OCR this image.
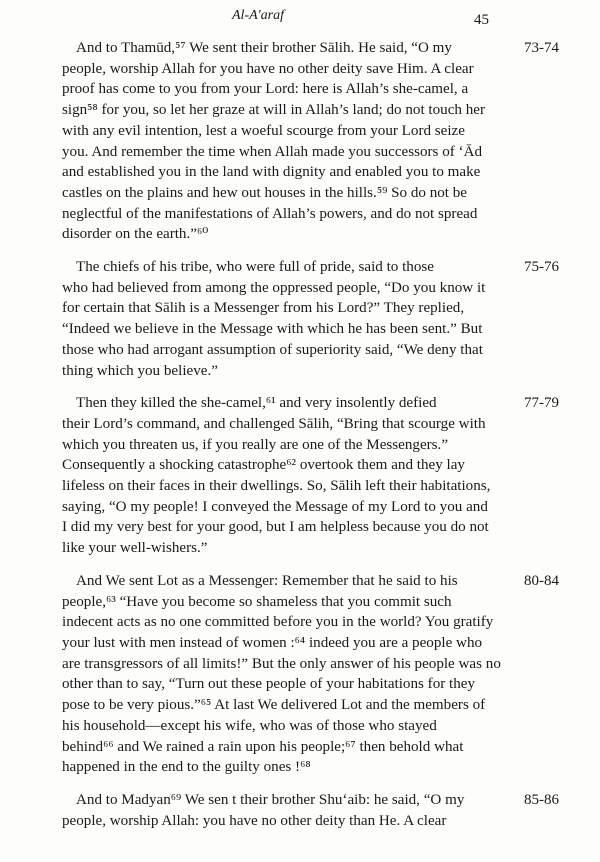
Al-A'araf	45
73-74
And to Thamūd,⁵⁷ We sent their brother Sālih. He said, “O my
people, worship Allah for you have no other deity save Him. A clear
proof has come to you from your Lord: here is Allah’s she-camel, a
sign⁵⁸ for you, so let her graze at will in Allah’s land; do not touch her
with any evil intention, lest a woeful scourge from your Lord seize
you. And remember the time when Allah made you successors of ‘Ād
and established you in the land with dignity and enabled you to make
castles on the plains and hew out houses in the hills.⁵⁹ So do not be
neglectful of the manifestations of Allah’s powers, and do not spread
disorder on the earth.”⁶⁰
75-76
The chiefs of his tribe, who were full of pride, said to those
who had believed from among the oppressed people, “Do you know it
for certain that Sālih is a Messenger from his Lord?” They replied,
“Indeed we believe in the Message with which he has been sent.” But
those who had arrogant assumption of superiority said, “We deny that
thing which you believe.”
77-79
Then they killed the she-camel,⁶¹ and very insolently defied
their Lord’s command, and challenged Sālih, “Bring that scourge with
which you threaten us, if you really are one of the Messengers.”
Consequently a shocking catastrophe⁶² overtook them and they lay
lifeless on their faces in their dwellings. So, Sālih left their habitations,
saying, “O my people! I conveyed the Message of my Lord to you and
I did my very best for your good, but I am helpless because you do not
like your well-wishers.”
80-84
And We sent Lot as a Messenger: Remember that he said to his
people,⁶³ “Have you become so shameless that you commit such
indecent acts as no one committed before you in the world? You gratify
your lust with men instead of women :⁶⁴ indeed you are a people who
are transgressors of all limits!” But the only answer of his people was no
other than to say, “Turn out these people of your habitations for they
pose to be very pious.”⁶⁵ At last We delivered Lot and the members of
his household—except his wife, who was of those who stayed
behind⁶⁶ and We rained a rain upon his people;⁶⁷ then behold what
happened in the end to the guilty ones !⁶⁸
85-86
And to Madyan⁶⁹ We sen t their brother Shu‘aib: he said, “O my
people, worship Allah: you have no other deity than He. A clear
